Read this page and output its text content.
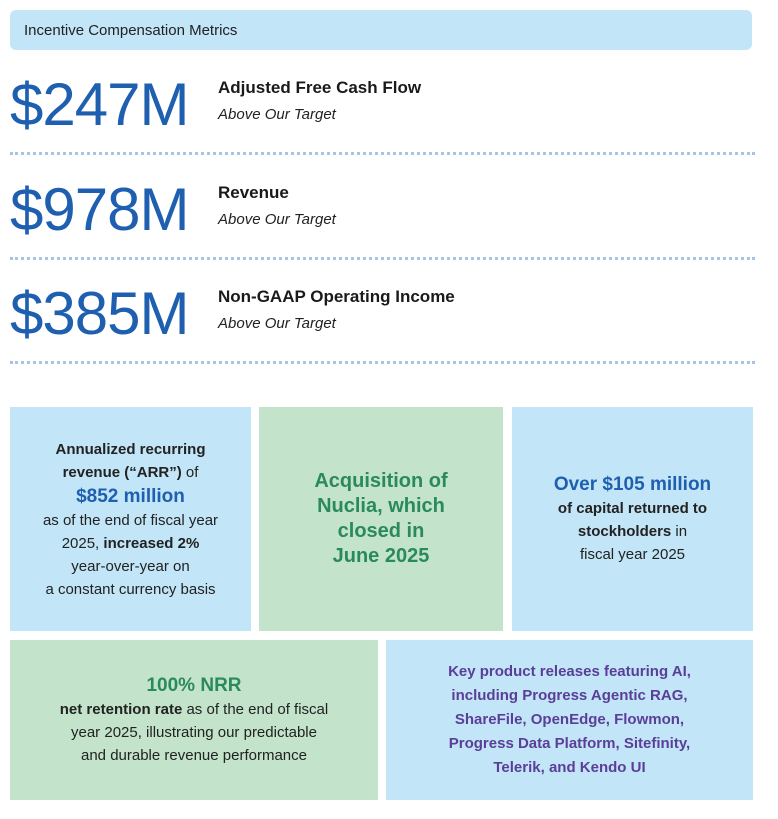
Incentive Compensation Metrics
$247M Adjusted Free Cash Flow
Above Our Target
$978M Revenue
Above Our Target
$385M Non-GAAP Operating Income
Above Our Target
Annualized recurring
revenue (“ARR”) of
$852 million
as of the end of fiscal year
2025, increased 2%
year-over-year on
a constant currency basis
Acquisition of
Nuclia, which
closed in
June 2025
Over $105 million
of capital returned to
stockholders in
fiscal year 2025
100% NRR
net retention rate as of the end of fiscal
year 2025, illustrating our predictable
and durable revenue performance
Key product releases featuring AI,
including Progress Agentic RAG,
ShareFile, OpenEdge, Flowmon,
Progress Data Platform, Sitefinity,
Telerik, and Kendo UI
